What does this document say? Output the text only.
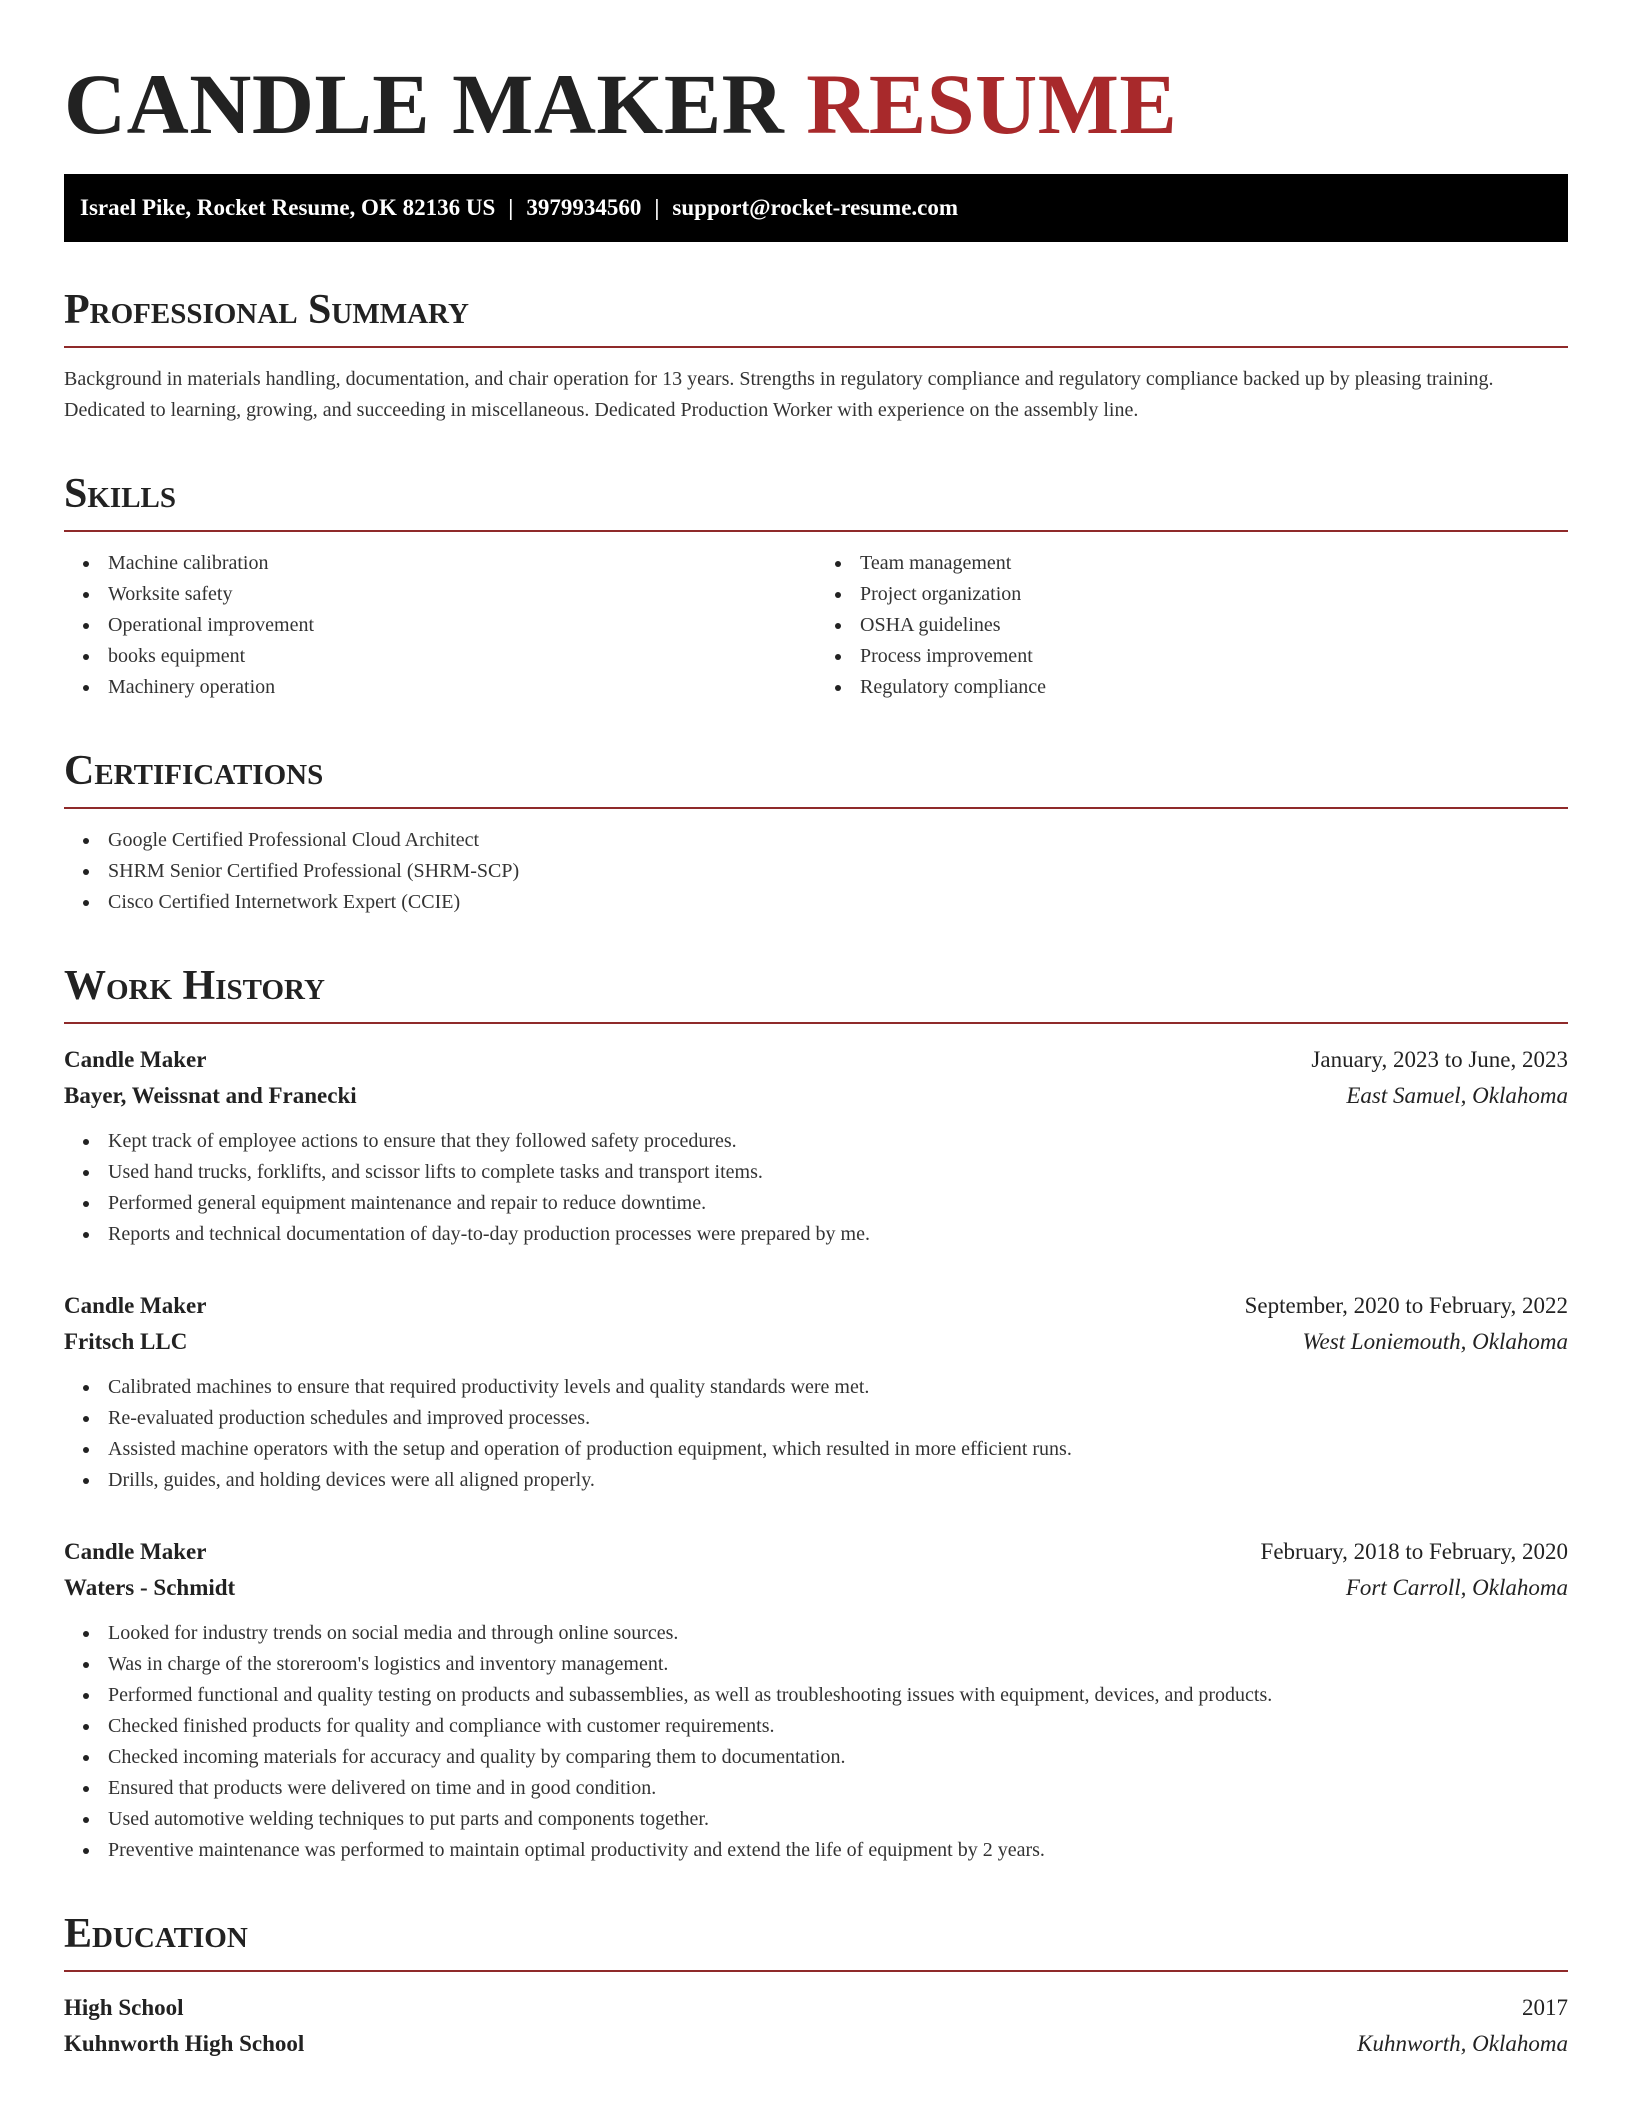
CANDLE MAKER RESUME
Israel Pike, Rocket Resume, OK 82136 US | 3979934560 | support@rocket-resume.com
Professional Summary
Background in materials handling, documentation, and chair operation for 13 years. Strengths in regulatory compliance and regulatory compliance backed up by pleasing training. Dedicated to learning, growing, and succeeding in miscellaneous. Dedicated Production Worker with experience on the assembly line.
Skills
Machine calibration
Worksite safety
Operational improvement
books equipment
Machinery operation
Team management
Project organization
OSHA guidelines
Process improvement
Regulatory compliance
Certifications
Google Certified Professional Cloud Architect
SHRM Senior Certified Professional (SHRM-SCP)
Cisco Certified Internetwork Expert (CCIE)
Work History
Candle Maker	January, 2023 to June, 2023
Bayer, Weissnat and Franecki	East Samuel, Oklahoma
Kept track of employee actions to ensure that they followed safety procedures.
Used hand trucks, forklifts, and scissor lifts to complete tasks and transport items.
Performed general equipment maintenance and repair to reduce downtime.
Reports and technical documentation of day-to-day production processes were prepared by me.
Candle Maker	September, 2020 to February, 2022
Fritsch LLC	West Loniemouth, Oklahoma
Calibrated machines to ensure that required productivity levels and quality standards were met.
Re-evaluated production schedules and improved processes.
Assisted machine operators with the setup and operation of production equipment, which resulted in more efficient runs.
Drills, guides, and holding devices were all aligned properly.
Candle Maker	February, 2018 to February, 2020
Waters - Schmidt	Fort Carroll, Oklahoma
Looked for industry trends on social media and through online sources.
Was in charge of the storeroom's logistics and inventory management.
Performed functional and quality testing on products and subassemblies, as well as troubleshooting issues with equipment, devices, and products.
Checked finished products for quality and compliance with customer requirements.
Checked incoming materials for accuracy and quality by comparing them to documentation.
Ensured that products were delivered on time and in good condition.
Used automotive welding techniques to put parts and components together.
Preventive maintenance was performed to maintain optimal productivity and extend the life of equipment by 2 years.
Education
High School	2017
Kuhnworth High School	Kuhnworth, Oklahoma
